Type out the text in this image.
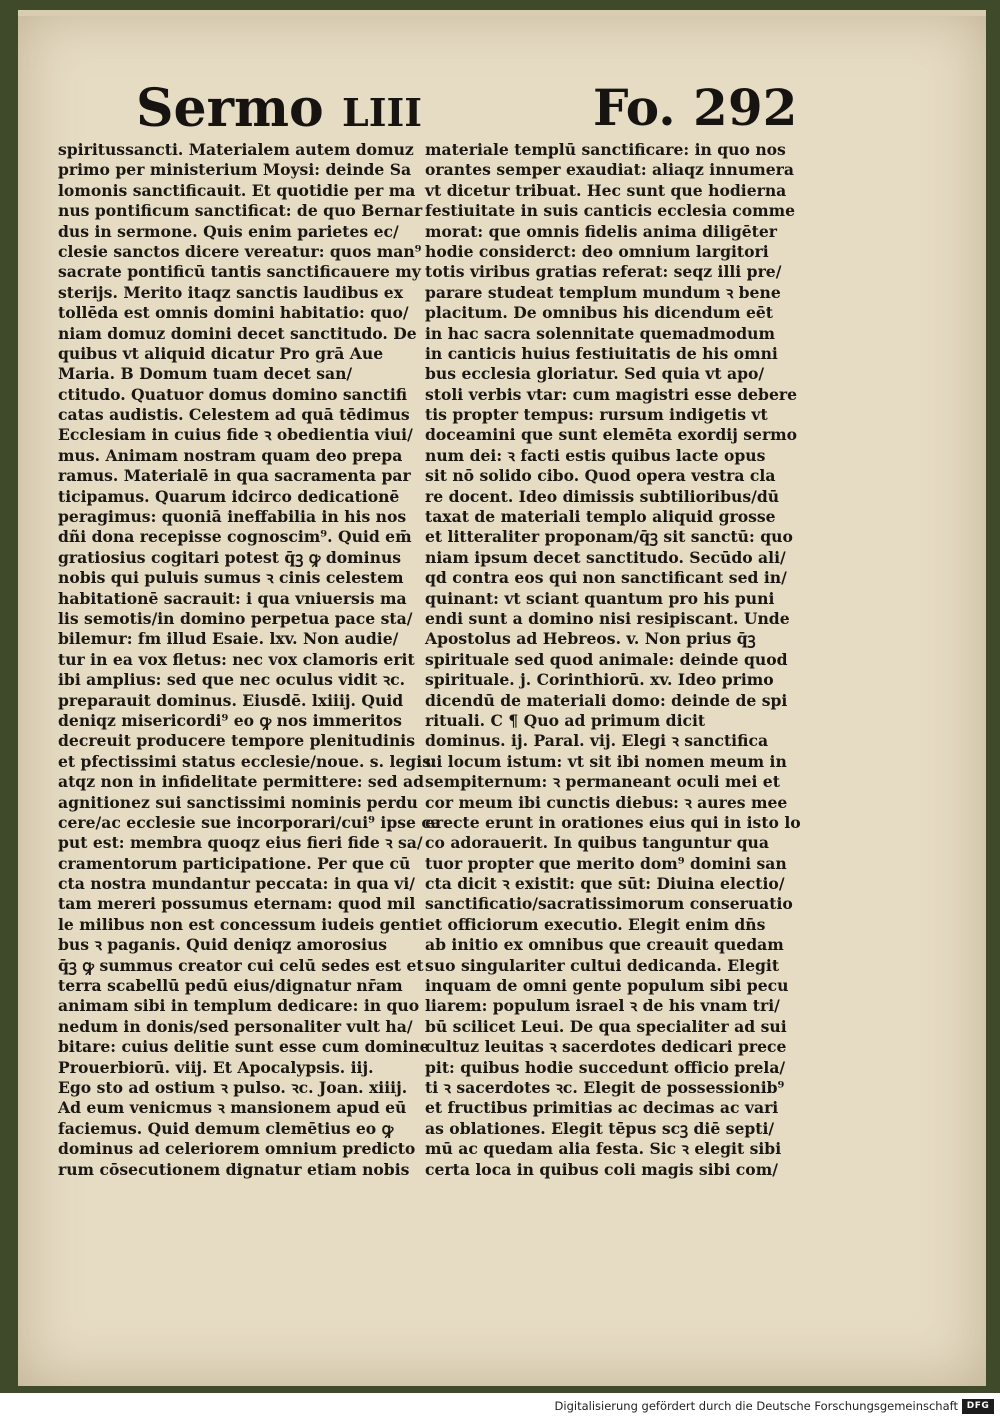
Sermo LIII	Fo. 292
spiritussancti. Materialem autem domuz
primo per ministerium Moysi: deinde Sa
lomonis sanctificauit. Et quotidie per ma
nus pontificum sanctificat: de quo Bernar
dus in sermone. Quis enim parietes ec/
clesie sanctos dicere vereatur: quos man⁹
sacrate pontificū tantis sanctificauere my
sterijs. Merito itaqz sanctis laudibus ex
tollēda est omnis domini habitatio: quo/
niam domuz domini decet sanctitudo. De
quibus vt aliquid dicatur Pro grā Aue
Maria. B Domum tuam decet san/
ctitudo. Quatuor domus domino sanctifi
catas audistis. Celestem ad quā tēdimus
Ecclesiam in cuius fide ꝛ obedientia viui/
mus. Animam nostram quam deo prepa
ramus. Materialē in qua sacramenta par
ticipamus. Quarum idcirco dedicationē
peragimus: quoniā ineffabilia in his nos
dñi dona recepisse cognoscim⁹. Quid em̄
gratiosius cogitari potest q̄ꝫ ꝙ dominus
nobis qui puluis sumus ꝛ cinis celestem
habitationē sacrauit: i qua vniuersis ma
lis semotis/in domino perpetua pace sta/
bilemur: fm illud Esaie. lxv. Non audie/
tur in ea vox fletus: nec vox clamoris erit
ibi amplius: sed que nec oculus vidit ꝛc.
preparauit dominus. Eiusdē. lxiiij. Quid
deniqz misericordi⁹ eo ꝙ nos immeritos
decreuit producere tempore plenitudinis
et pfectissimi status ecclesie/noue. s. legis:
atqz non in infidelitate permittere: sed ad
agnitionez sui sanctissimi nominis perdu
cere/ac ecclesie sue incorporari/cui⁹ ipse ca
put est: membra quoqz eius fieri fide ꝛ sa/
cramentorum participatione. Per que cū
cta nostra mundantur peccata: in qua vi/
tam mereri possumus eternam: quod mil
le milibus non est concessum iudeis genti
bus ꝛ paganis. Quid deniqz amorosius
q̄ꝫ ꝙ summus creator cui celū sedes est et
terra scabellū pedū eius/dignatur nr̄am
animam sibi in templum dedicare: in quo
nedum in donis/sed personaliter vult ha/
bitare: cuius delitie sunt esse cum domine
Prouerbiorū. viij. Et Apocalypsis. iij.
Ego sto ad ostium ꝛ pulso. ꝛc. Joan. xiiij.
Ad eum venicmus ꝛ mansionem apud eū
faciemus. Quid demum clemētius eo ꝙ
dominus ad celeriorem omnium predicto
rum cōsecutionem dignatur etiam nobis
materiale templū sanctificare: in quo nos
orantes semper exaudiat: aliaqz innumera
vt dicetur tribuat. Hec sunt que hodierna
festiuitate in suis canticis ecclesia comme
morat: que omnis fidelis anima diligēter
hodie considerct: deo omnium largitori
totis viribus gratias referat: seqz illi pre/
parare studeat templum mundum ꝛ bene
placitum. De omnibus his dicendum eēt
in hac sacra solennitate quemadmodum
in canticis huius festiuitatis de his omni
bus ecclesia gloriatur. Sed quia vt apo/
stoli verbis vtar: cum magistri esse debere
tis propter tempus: rursum indigetis vt
doceamini que sunt elemēta exordij sermo
num dei: ꝛ facti estis quibus lacte opus
sit nō solido cibo. Quod opera vestra cla
re docent. Ideo dimissis subtilioribus/dū
taxat de materiali templo aliquid grosse
et litteraliter proponam/q̄ꝫ sit sanctū: quo
niam ipsum decet sanctitudo. Secūdo ali/
qd contra eos qui non sanctificant sed in/
quinant: vt sciant quantum pro his puni
endi sunt a domino nisi resipiscant. Unde
Apostolus ad Hebreos. v. Non prius q̄ꝫ
spirituale sed quod animale: deinde quod
spirituale. j. Corinthiorū. xv. Ideo primo
dicendū de materiali domo: deinde de spi
rituali. C ¶ Quo ad primum dicit
dominus. ij. Paral. vij. Elegi ꝛ sanctifica
ui locum istum: vt sit ibi nomen meum in
sempiternum: ꝛ permaneant oculi mei et
cor meum ibi cunctis diebus: ꝛ aures mee
erecte erunt in orationes eius qui in isto lo
co adorauerit. In quibus tanguntur qua
tuor propter que merito dom⁹ domini san
cta dicit ꝛ existit: que sūt: Diuina electio/
sanctificatio/sacratissimorum conseruatio
et officiorum executio. Elegit enim dn̄s
ab initio ex omnibus que creauit quedam
suo singulariter cultui dedicanda. Elegit
inquam de omni gente populum sibi pecu
liarem: populum israel ꝛ de his vnam tri/
bū scilicet Leui. De qua specialiter ad sui
cultuz leuitas ꝛ sacerdotes dedicari prece
pit: quibus hodie succedunt officio prela/
ti ꝛ sacerdotes ꝛc. Elegit de possessionib⁹
et fructibus primitias ac decimas ac vari
as oblationes. Elegit tēpus scꝫ diē septi/
mū ac quedam alia festa. Sic ꝛ elegit sibi
certa loca in quibus coli magis sibi com/
Digitalisierung gefördert durch die Deutsche Forschungsgemeinschaft DFG
